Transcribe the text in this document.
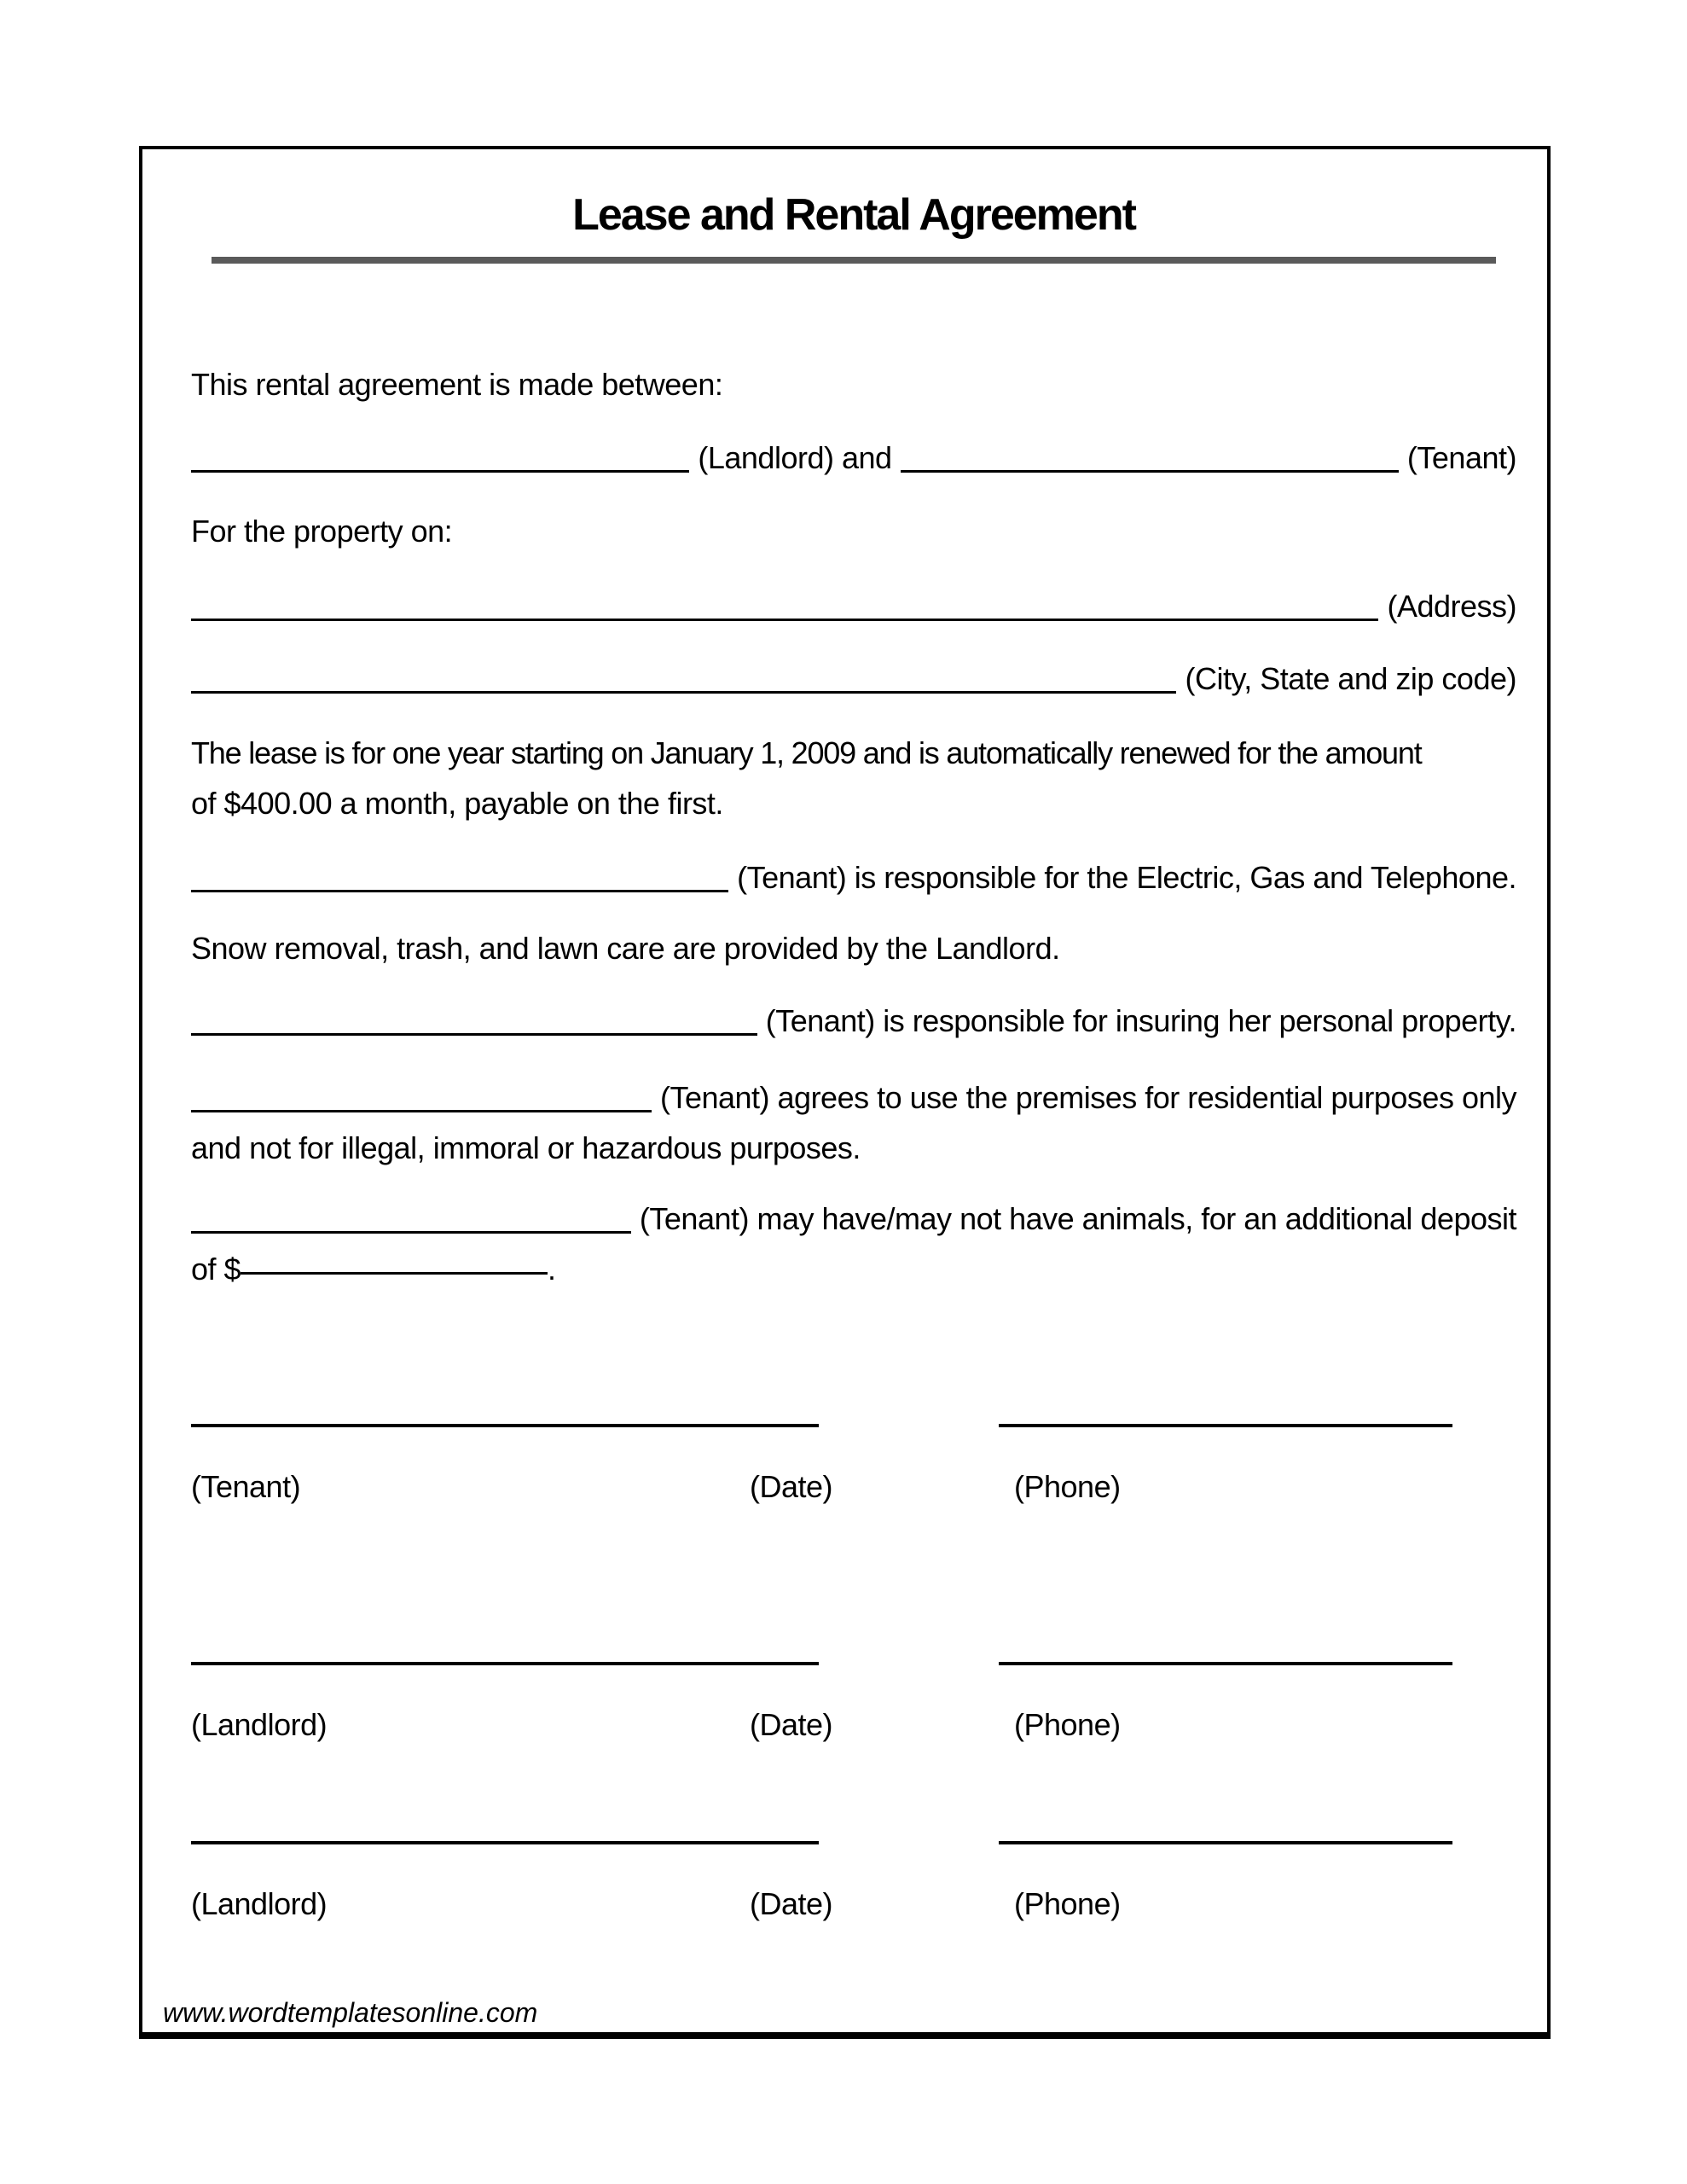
Lease and Rental Agreement

This rental agreement is made between:

(Landlord) and	(Tenant)

For the property on:

(Address)
(City, State and zip code)

The lease is for one year starting on January 1, 2009 and is automatically renewed for the amount

of $400.00 a month, payable on the first.

(Tenant) is responsible for the Electric, Gas and Telephone.

Snow removal, trash, and lawn care are provided by the Landlord.

(Tenant) is responsible for insuring her personal property.
(Tenant) agrees to use the premises for residential purposes only

and not for illegal, immoral or hazardous purposes.

(Tenant) may have/may not have animals, for an additional deposit

of $	.

(Tenant)	(Date)	(Phone)
(Landlord)	(Date)	(Phone)
(Landlord)	(Date)	(Phone)

www.wordtemplatesonline.com
